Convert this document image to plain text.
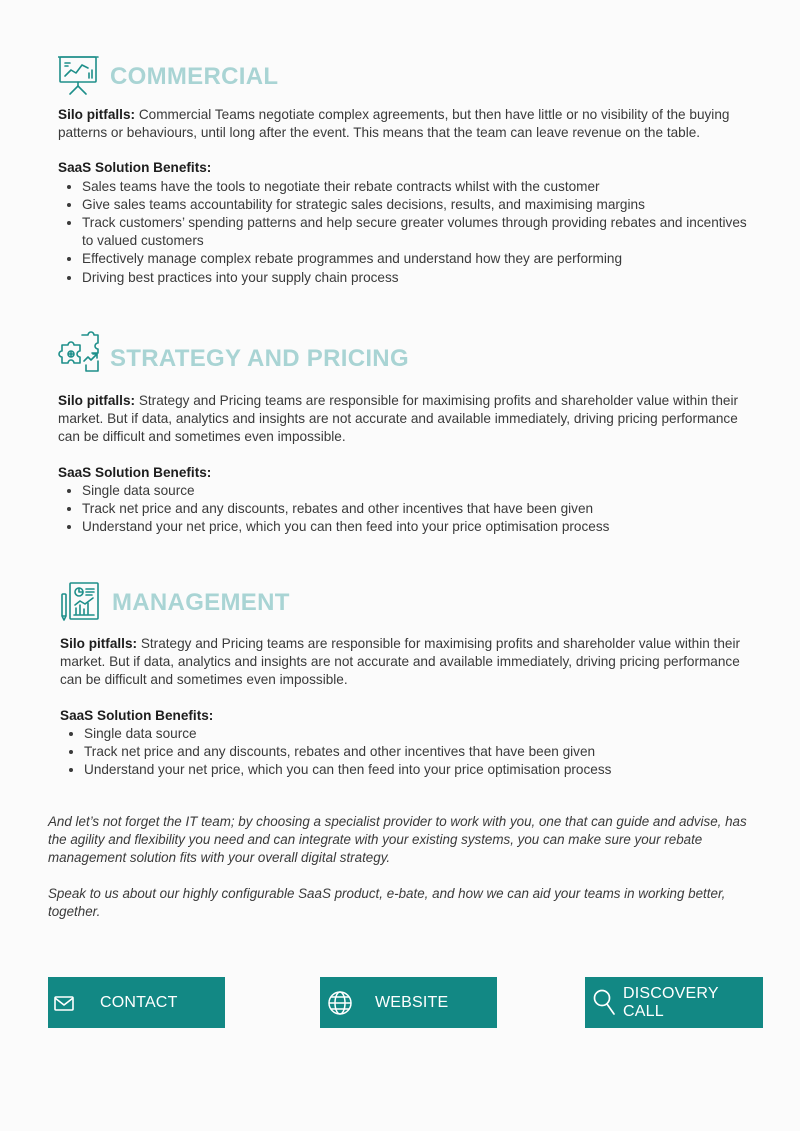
COMMERCIAL

Silo pitfalls: Commercial Teams negotiate complex agreements, but then have little or no visibility of the buying patterns or behaviours, until long after the event. This means that the team can leave revenue on the table.

SaaS Solution Benefits:

• Sales teams have the tools to negotiate their rebate contracts whilst with the customer
• Give sales teams accountability for strategic sales decisions, results, and maximising margins
• Track customers’ spending patterns and help secure greater volumes through providing rebates and incentives to valued customers
• Effectively manage complex rebate programmes and understand how they are performing
• Driving best practices into your supply chain process
STRATEGY AND PRICING

Silo pitfalls: Strategy and Pricing teams are responsible for maximising profits and shareholder value within their market. But if data, analytics and insights are not accurate and available immediately, driving pricing performance can be difficult and sometimes even impossible.

SaaS Solution Benefits:

• Single data source
• Track net price and any discounts, rebates and other incentives that have been given
• Understand your net price, which you can then feed into your price optimisation process
MANAGEMENT

Silo pitfalls: Strategy and Pricing teams are responsible for maximising profits and shareholder value within their market. But if data, analytics and insights are not accurate and available immediately, driving pricing performance can be difficult and sometimes even impossible.

SaaS Solution Benefits:

• Single data source
• Track net price and any discounts, rebates and other incentives that have been given
• Understand your net price, which you can then feed into your price optimisation process

And let’s not forget the IT team; by choosing a specialist provider to work with you, one that can guide and advise, has the agility and flexibility you need and can integrate with your existing systems, you can make sure your rebate management solution fits with your overall digital strategy.

Speak to us about our highly configurable SaaS product, e-bate, and how we can aid your teams in working better, together.

CONTACT	WEBSITE
DISCOVERY CALL
